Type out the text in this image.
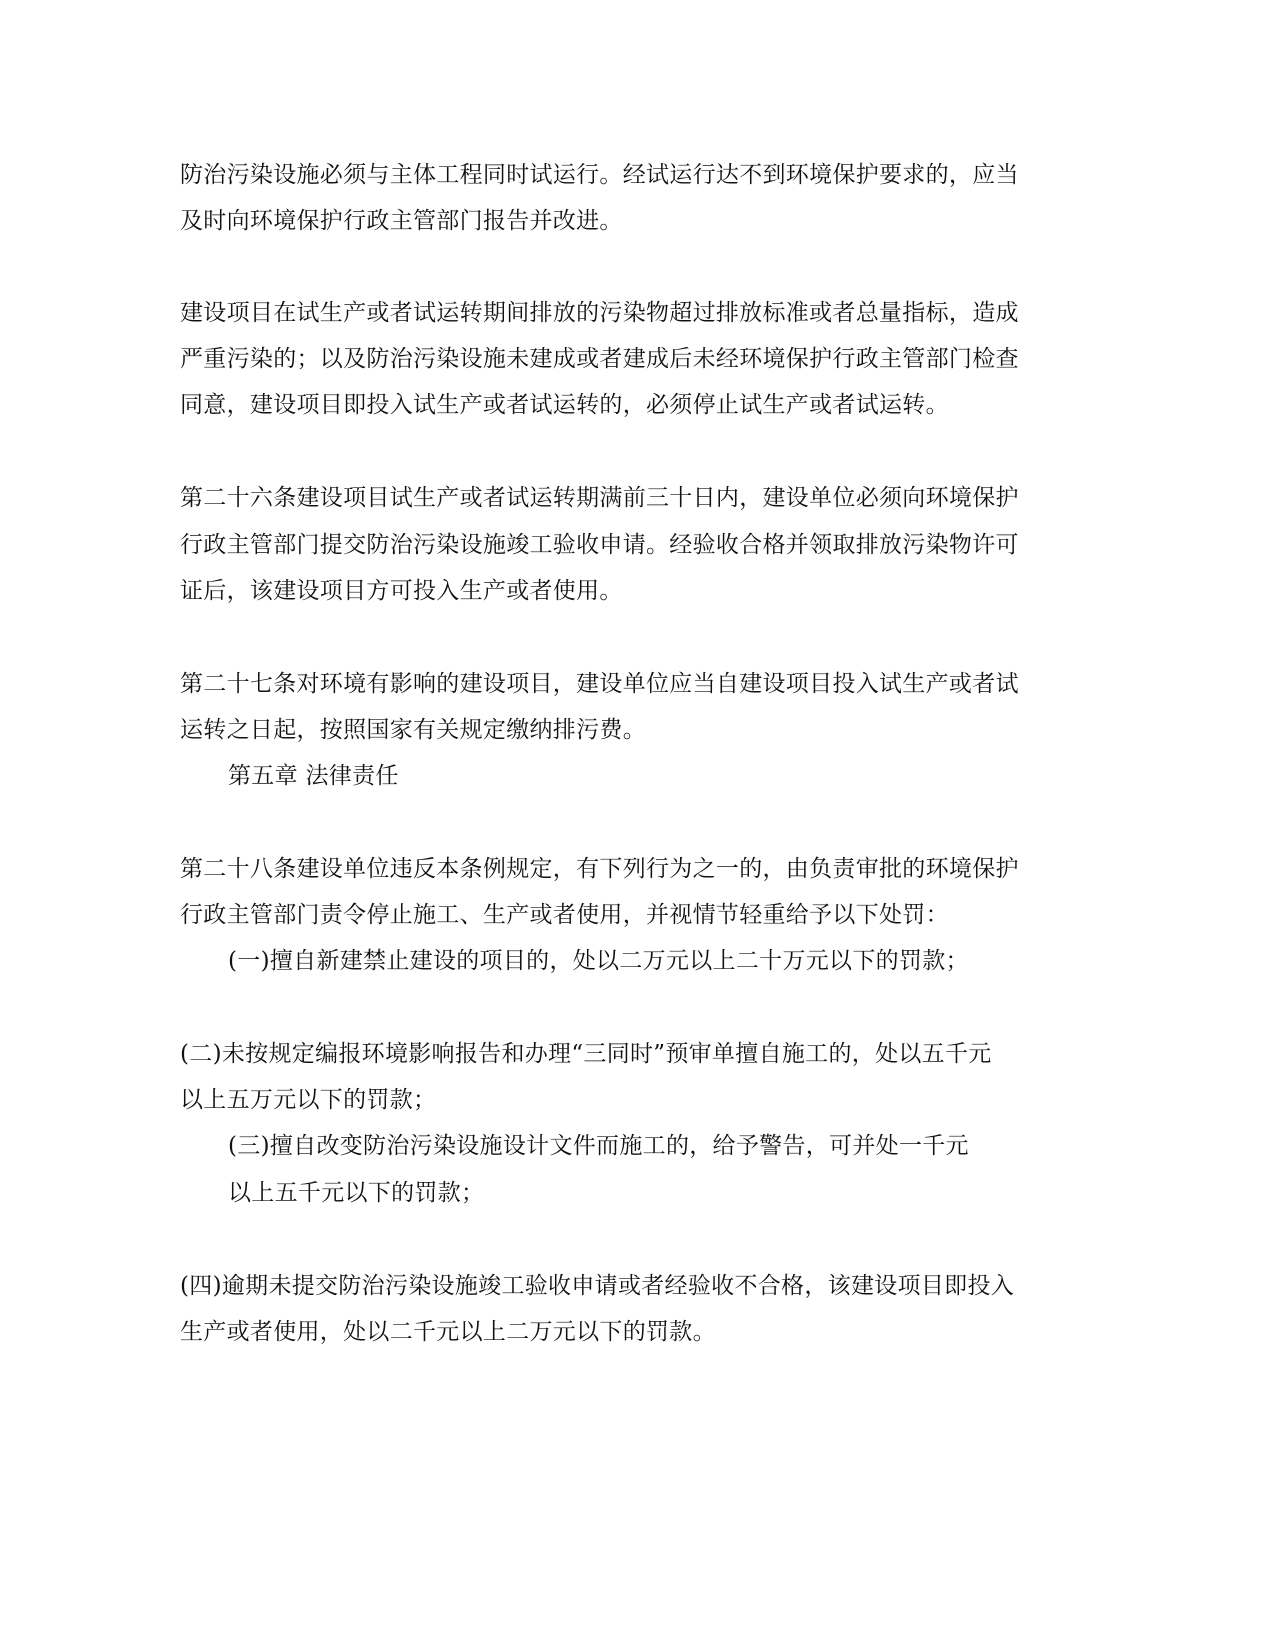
防治污染设施必须与主体工程同时试运行。经试运行达不到环境保护要求的，应当
及时向环境保护行政主管部门报告并改进。
建设项目在试生产或者试运转期间排放的污染物超过排放标准或者总量指标，造成
严重污染的；以及防治污染设施未建成或者建成后未经环境保护行政主管部门检查
同意，建设项目即投入试生产或者试运转的，必须停止试生产或者试运转。
第二十六条建设项目试生产或者试运转期满前三十日内，建设单位必须向环境保护
行政主管部门提交防治污染设施竣工验收申请。经验收合格并领取排放污染物许可
证后，该建设项目方可投入生产或者使用。
第二十七条对环境有影响的建设项目，建设单位应当自建设项目投入试生产或者试
运转之日起，按照国家有关规定缴纳排污费。
第五章 法律责任
第二十八条建设单位违反本条例规定，有下列行为之一的，由负责审批的环境保护
行政主管部门责令停止施工、生产或者使用，并视情节轻重给予以下处罚：
(一)擅自新建禁止建设的项目的，处以二万元以上二十万元以下的罚款；
(二)未按规定编报环境影响报告和办理“三同时”预审单擅自施工的，处以五千元
以上五万元以下的罚款；
(三)擅自改变防治污染设施设计文件而施工的，给予警告，可并处一千元
以上五千元以下的罚款；
(四)逾期未提交防治污染设施竣工验收申请或者经验收不合格，该建设项目即投入
生产或者使用，处以二千元以上二万元以下的罚款。
